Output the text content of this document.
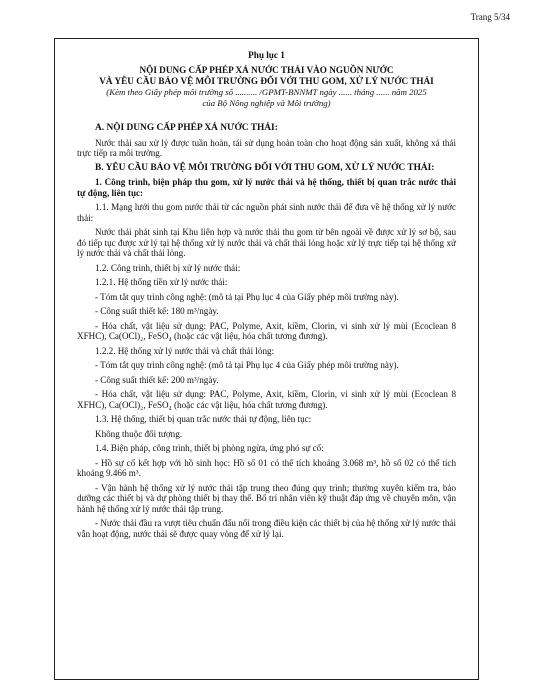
Trang 5/34
Phụ lục 1
NỘI DUNG CẤP PHÉP XẢ NƯỚC THẢI VÀO NGUỒN NƯỚC
VÀ YÊU CẦU BẢO VỆ MÔI TRƯỜNG ĐỐI VỚI THU GOM, XỬ LÝ NƯỚC THẢI
(Kèm theo Giấy phép môi trường số .......... /GPMT-BNNMT ngày ...... tháng ...... năm 2025
của Bộ Nông nghiệp và Môi trường)

A. NỘI DUNG CẤP PHÉP XẢ NƯỚC THẢI:

Nước thải sau xử lý được tuần hoàn, tái sử dụng hoàn toàn cho hoạt động sản xuất, không xả thải trực tiếp ra môi trường.

B. YÊU CẦU BẢO VỆ MÔI TRƯỜNG ĐỐI VỚI THU GOM, XỬ LÝ NƯỚC THẢI:

1. Công trình, biện pháp thu gom, xử lý nước thải và hệ thống, thiết bị quan trắc nước thải tự động, liên tục:

1.1. Mạng lưới thu gom nước thải từ các nguồn phát sinh nước thải để đưa về hệ thống xử lý nước thải:

Nước thải phát sinh tại Khu liên hợp và nước thải thu gom từ bên ngoài về được xử lý sơ bộ, sau đó tiếp tục được xử lý tại hệ thống xử lý nước thải và chất thải lỏng hoặc xử lý trực tiếp tại hệ thống xử lý nước thải và chất thải lỏng.

1.2. Công trình, thiết bị xử lý nước thải:

1.2.1. Hệ thống tiền xử lý nước thải:

- Tóm tắt quy trình công nghệ: (mô tả tại Phụ lục 4 của Giấy phép môi trường này).

- Công suất thiết kế: 180 m³/ngày.

- Hóa chất, vật liệu sử dụng: PAC, Polyme, Axit, kiềm, Clorin, vi sinh xử lý mùi (Ecoclean 8 XFHC), Ca(OCl)₂, FeSO₄ (hoặc các vật liệu, hóa chất tương đương).

1.2.2. Hệ thống xử lý nước thải và chất thải lỏng:

- Tóm tắt quy trình công nghệ: (mô tả tại Phụ lục 4 của Giấy phép môi trường này).

- Công suất thiết kế: 200 m³/ngày.

- Hóa chất, vật liệu sử dụng: PAC, Polyme, Axit, kiềm, Clorin, vi sinh xử lý mùi (Ecoclean 8 XFHC), Ca(OCl)₂, FeSO₄ (hoặc các vật liệu, hóa chất tương đương).

1.3. Hệ thống, thiết bị quan trắc nước thải tự động, liên tục:

Không thuộc đối tượng.

1.4. Biện pháp, công trình, thiết bị phòng ngừa, ứng phó sự cố:

- Hồ sự cố kết hợp với hồ sinh học: Hồ số 01 có thể tích khoảng 3.068 m³, hồ số 02 có thể tích khoảng 9.466 m³.

- Vận hành hệ thống xử lý nước thải tập trung theo đúng quy trình; thường xuyên kiểm tra, bảo dưỡng các thiết bị và dự phòng thiết bị thay thế. Bố trí nhân viên kỹ thuật đáp ứng về chuyên môn, vận hành hệ thống xử lý nước thải tập trung.

- Nước thải đầu ra vượt tiêu chuẩn đấu nối trong điều kiện các thiết bị của hệ thống xử lý nước thải vẫn hoạt động, nước thải sẽ được quay vòng để xử lý lại.
